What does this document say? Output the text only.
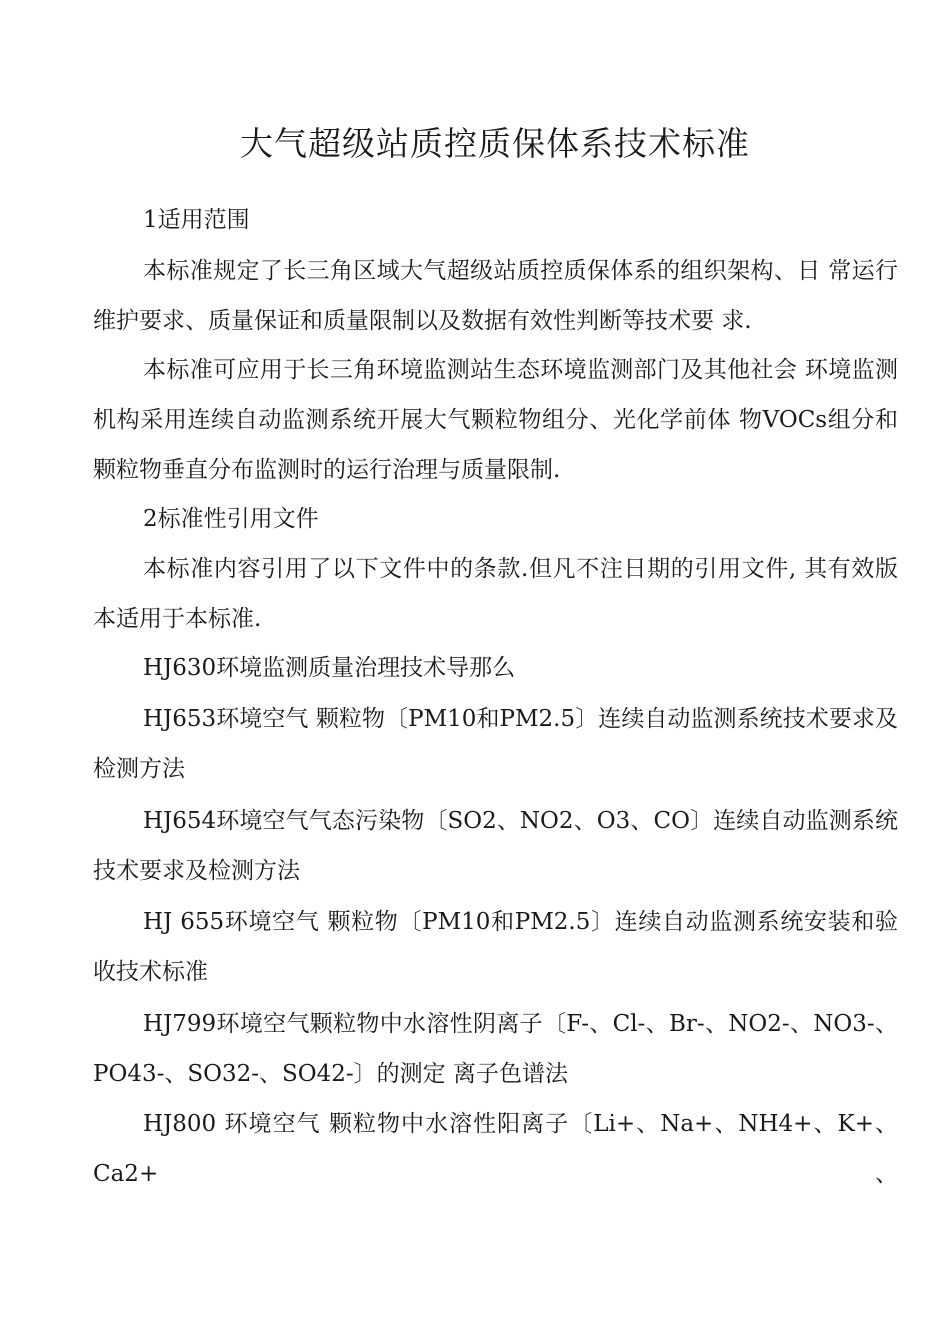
大气超级站质控质保体系技术标准

1适用范围

本标准规定了长三角区域大气超级站质控质保体系的组织架构、日 常运行维护要求、质量保证和质量限制以及数据有效性判断等技术要 求.

本标准可应用于长三角环境监测站生态环境监测部门及其他社会 环境监测机构采用连续自动监测系统开展大气颗粒物组分、光化学前体 物VOCs组分和颗粒物垂直分布监测时的运行治理与质量限制.

2标准性引用文件

本标准内容引用了以下文件中的条款.但凡不注日期的引用文件, 其有效版本适用于本标准.

HJ630环境监测质量治理技术导那么

HJ653环境空气 颗粒物〔PM10和PM2.5〕连续自动监测系统技术要求及检测方法

HJ654环境空气气态污染物〔SO2、NO2、O3、CO〕连续自动监测系统技术要求及检测方法

HJ 655环境空气 颗粒物〔PM10和PM2.5〕连续自动监测系统安装和验收技术标准

HJ799环境空气颗粒物中水溶性阴离子〔F-、Cl-、Br-、NO2-、NO3-、PO43-、SO32-、SO42-〕的测定 离子色谱法

HJ800 环境空气 颗粒物中水溶性阳离子〔Li+、Na+、NH4+、K+、Ca2+、
